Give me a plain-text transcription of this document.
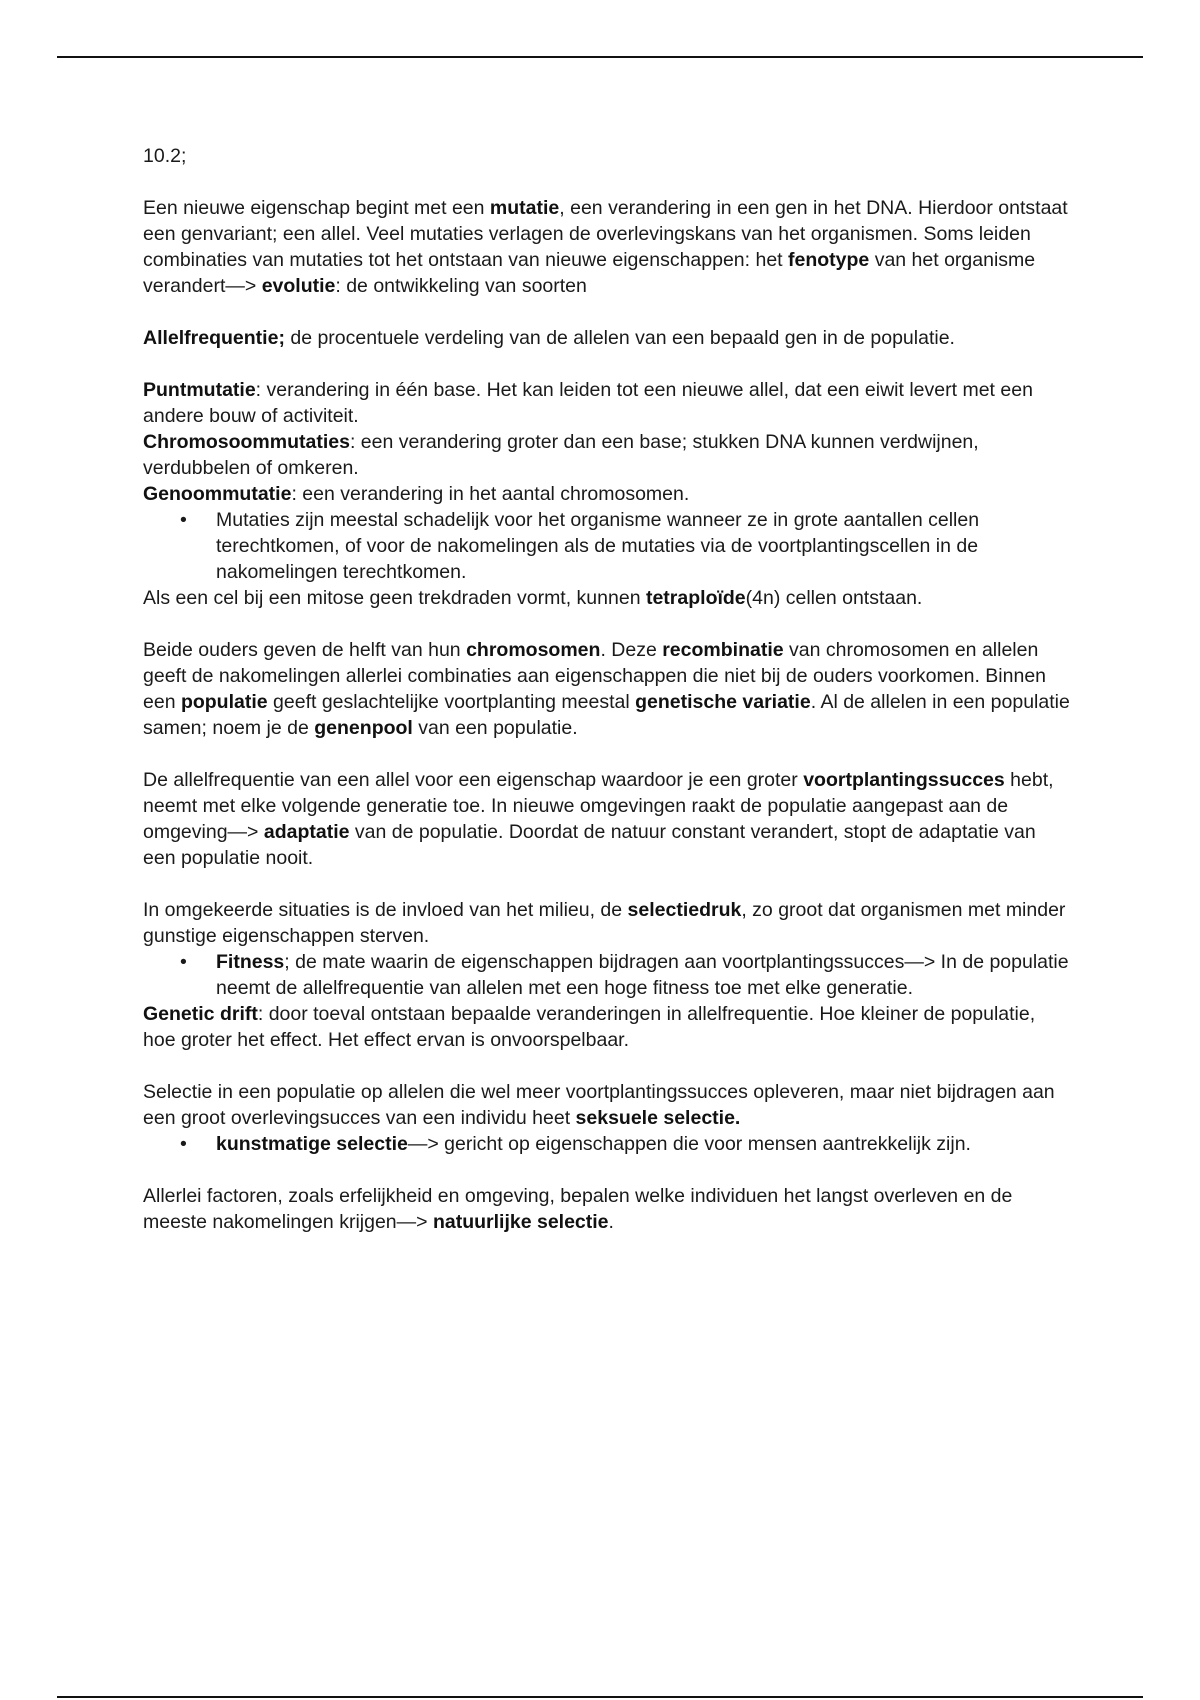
10.2;

Een nieuwe eigenschap begint met een mutatie, een verandering in een gen in het DNA. Hierdoor ontstaat een genvariant; een allel. Veel mutaties verlagen de overlevingskans van het organismen. Soms leiden combinaties van mutaties tot het ontstaan van nieuwe eigenschappen: het fenotype van het organisme verandert—> evolutie: de ontwikkeling van soorten

Allelfrequentie; de procentuele verdeling van de allelen van een bepaald gen in de populatie.

Puntmutatie: verandering in één base. Het kan leiden tot een nieuwe allel, dat een eiwit levert met een andere bouw of activiteit.

Chromosoommutaties: een verandering groter dan een base; stukken DNA kunnen verdwijnen, verdubbelen of omkeren.

Genoommutatie: een verandering in het aantal chromosomen.

• Mutaties zijn meestal schadelijk voor het organisme wanneer ze in grote aantallen cellen terechtkomen, of voor de nakomelingen als de mutaties via de voortplantingscellen in de nakomelingen terechtkomen.

Als een cel bij een mitose geen trekdraden vormt, kunnen tetraploïde(4n) cellen ontstaan.

Beide ouders geven de helft van hun chromosomen. Deze recombinatie van chromosomen en allelen geeft de nakomelingen allerlei combinaties aan eigenschappen die niet bij de ouders voorkomen. Binnen een populatie geeft geslachtelijke voortplanting meestal genetische variatie. Al de allelen in een populatie samen; noem je de genenpool van een populatie.

De allelfrequentie van een allel voor een eigenschap waardoor je een groter voortplantingssucces hebt, neemt met elke volgende generatie toe. In nieuwe omgevingen raakt de populatie aangepast aan de omgeving—> adaptatie van de populatie. Doordat de natuur constant verandert, stopt de adaptatie van een populatie nooit.

In omgekeerde situaties is de invloed van het milieu, de selectiedruk, zo groot dat organismen met minder gunstige eigenschappen sterven.

• Fitness; de mate waarin de eigenschappen bijdragen aan voortplantingssucces—> In de populatie neemt de allelfrequentie van allelen met een hoge fitness toe met elke generatie.

Genetic drift: door toeval ontstaan bepaalde veranderingen in allelfrequentie. Hoe kleiner de populatie, hoe groter het effect. Het effect ervan is onvoorspelbaar.

Selectie in een populatie op allelen die wel meer voortplantingssucces opleveren, maar niet bijdragen aan een groot overlevingsucces van een individu heet seksuele selectie.

• kunstmatige selectie—> gericht op eigenschappen die voor mensen aantrekkelijk zijn.

Allerlei factoren, zoals erfelijkheid en omgeving, bepalen welke individuen het langst overleven en de meeste nakomelingen krijgen—> natuurlijke selectie.
